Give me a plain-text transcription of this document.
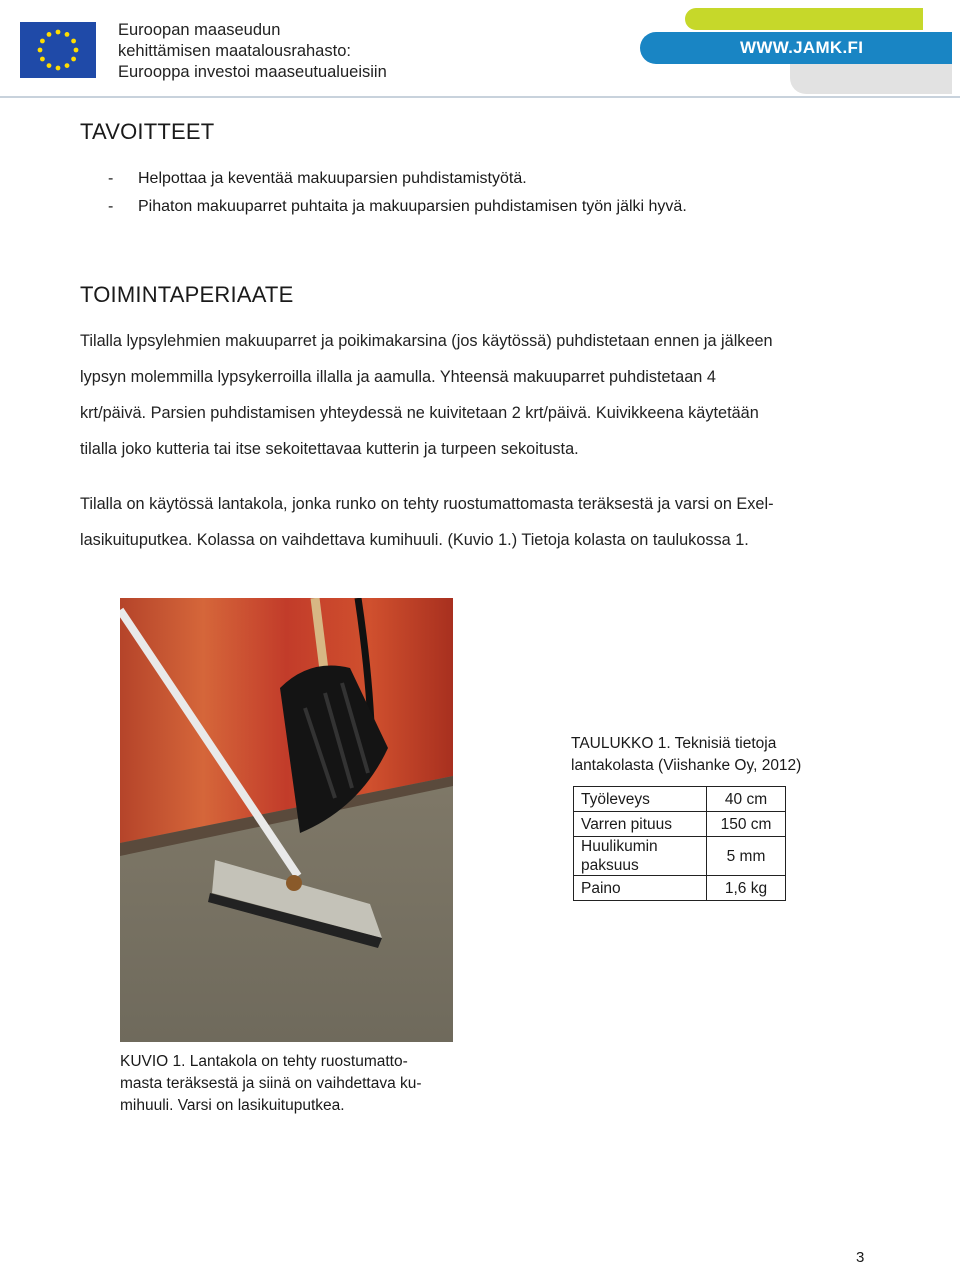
Euroopan maaseudun
kehittämisen maatalousrahasto:
Eurooppa investoi maaseutualueisiin
WWW.JAMK.FI
TAVOITTEET
- Helpottaa ja keventää makuuparsien puhdistamistyötä.
- Pihaton makuuparret puhtaita ja makuuparsien puhdistamisen työn jälki hyvä.
TOIMINTAPERIAATE
Tilalla lypsylehmien makuuparret ja poikimakarsina (jos käytössä) puhdistetaan ennen ja jälkeen
lypsyn molemmilla lypsykerroilla illalla ja aamulla. Yhteensä makuuparret puhdistetaan 4
krt/päivä. Parsien puhdistamisen yhteydessä ne kuivitetaan 2 krt/päivä. Kuivikkeena käytetään
tilalla joko kutteria tai itse sekoitettavaa kutterin ja turpeen sekoitusta.
Tilalla on käytössä lantakola, jonka runko on tehty ruostumattomasta teräksestä ja varsi on Exel-
lasikuituputkea. Kolassa on vaihdettava kumihuuli. (Kuvio 1.) Tietoja kolasta on taulukossa 1.
KUVIO 1. Lantakola on tehty ruostumatto-
masta teräksestä ja siinä on vaihdettava ku-
mihuuli. Varsi on lasikuituputkea.
TAULUKKO 1. Teknisiä tietoja
lantakolasta (Viishanke Oy, 2012)
Työleveys	40 cm
Varren pituus	150 cm

Huulikumin
paksuus	5 mm
Paino	1,6 kg
3
